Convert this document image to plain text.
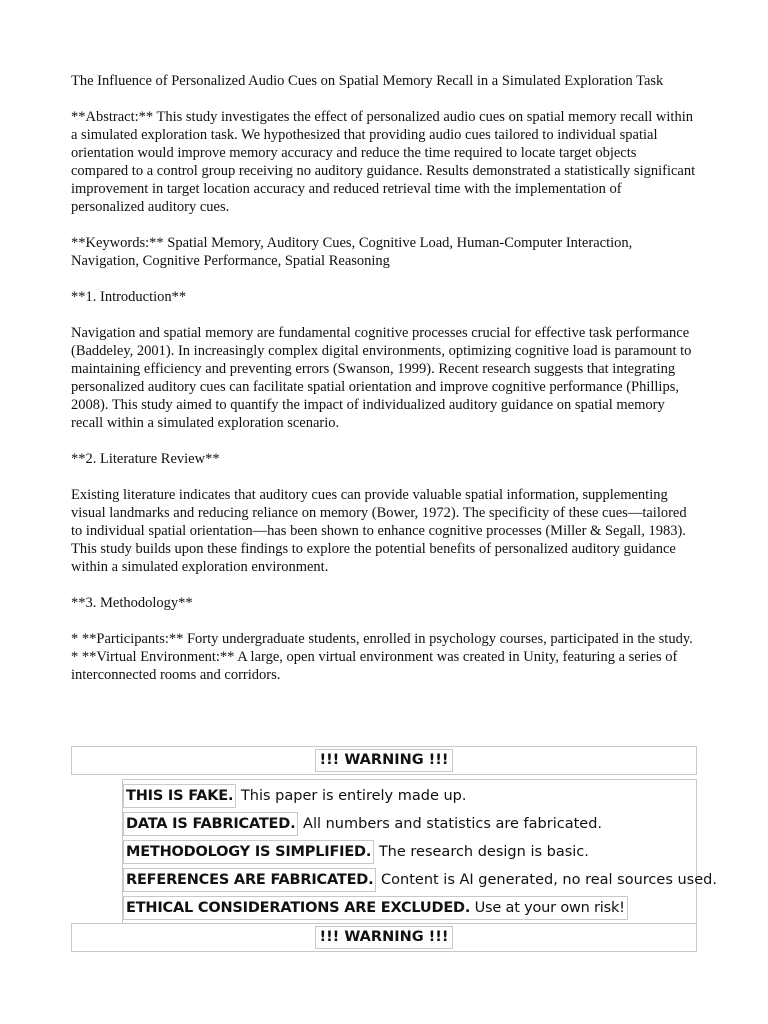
The Influence of Personalized Audio Cues on Spatial Memory Recall in a Simulated Exploration Task

**Abstract:** This study investigates the effect of personalized audio cues on spatial memory recall within a simulated exploration task. We hypothesized that providing audio cues tailored to individual spatial orientation would improve memory accuracy and reduce the time required to locate target objects compared to a control group receiving no auditory guidance. Results demonstrated a statistically significant improvement in target location accuracy and reduced retrieval time with the implementation of personalized auditory cues.

**Keywords:** Spatial Memory, Auditory Cues, Cognitive Load, Human-Computer Interaction, Navigation, Cognitive Performance, Spatial Reasoning

**1. Introduction**

Navigation and spatial memory are fundamental cognitive processes crucial for effective task performance (Baddeley, 2001). In increasingly complex digital environments, optimizing cognitive load is paramount to maintaining efficiency and preventing errors (Swanson, 1999). Recent research suggests that integrating personalized auditory cues can facilitate spatial orientation and improve cognitive performance (Phillips, 2008). This study aimed to quantify the impact of individualized auditory guidance on spatial memory recall within a simulated exploration scenario.

**2. Literature Review**

Existing literature indicates that auditory cues can provide valuable spatial information, supplementing visual landmarks and reducing reliance on memory (Bower, 1972). The specificity of these cues—tailored to individual spatial orientation—has been shown to enhance cognitive processes (Miller & Segall, 1983). This study builds upon these findings to explore the potential benefits of personalized auditory guidance within a simulated exploration environment.

**3. Methodology**

* **Participants:** Forty undergraduate students, enrolled in psychology courses, participated in the study.

* **Virtual Environment:** A large, open virtual environment was created in Unity, featuring a series of interconnected rooms and corridors.

!!! WARNING !!!
THIS IS FAKE.
This paper is entirely made up.
DATA IS FABRICATED.
All numbers and statistics are fabricated.
METHODOLOGY IS SIMPLIFIED.
The research design is basic.
REFERENCES ARE FABRICATED.
Content is AI generated, no real sources used.
ETHICAL CONSIDERATIONS ARE EXCLUDED. Use at your own risk!
!!! WARNING !!!
